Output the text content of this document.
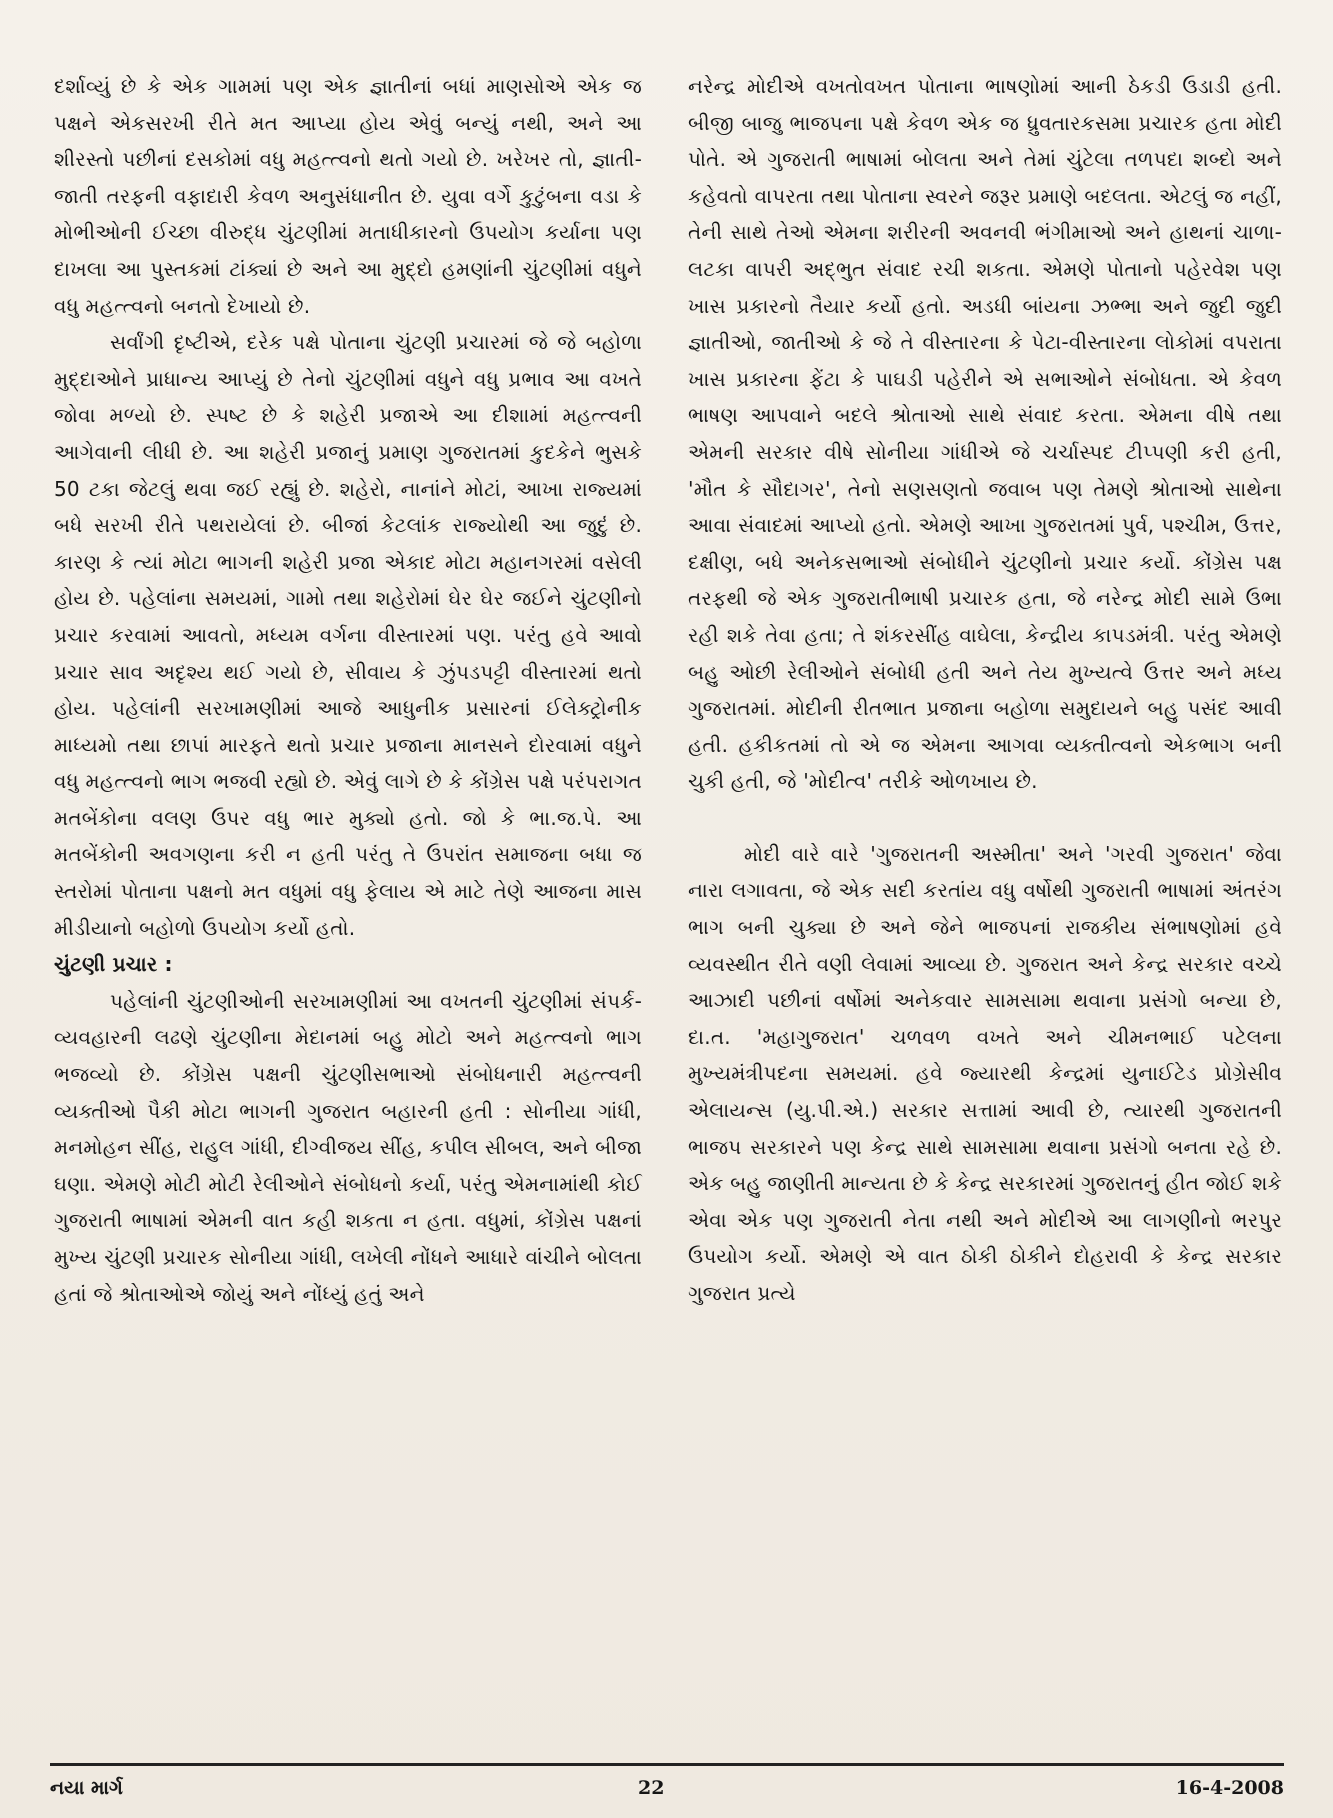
દર્શાવ્યું છે કે એક ગામમાં પણ એક જ્ઞાતીનાં બધાં માણસોએ એક જ પક્ષને એકસરખી રીતે મત આપ્યા હોય એવું બન્યું નથી, અને આ શીરસ્તો પછીનાં દસકોમાં વધુ મહત્ત્વનો થતો ગયો છે. ખરેખર તો, જ્ઞાતી-જાતી તરફની વફાદારી કેવળ અનુસંધાનીત છે. યુવા વર્ગે કુટુંબના વડા કે મોભીઓની ઈચ્છા વીરુદ્ધ ચુંટણીમાં મતાધીકારનો ઉપયોગ કર્યાના પણ દાખલા આ પુસ્તકમાં ટાંક્યાં છે અને આ મુદ્દો હમણાંની ચુંટણીમાં વધુને વધુ મહત્ત્વનો બનતો દેખાયો છે.

સર્વાંગી દૃષ્ટીએ, દરેક પક્ષે પોતાના ચુંટણી પ્રચારમાં જે જે બહોળા મુદ્દાઓને પ્રાધાન્ય આપ્યું છે તેનો ચુંટણીમાં વધુને વધુ પ્રભાવ આ વખતે જોવા મળ્યો છે. સ્પષ્ટ છે કે શહેરી પ્રજાએ આ દીશામાં મહત્ત્વની આગેવાની લીધી છે. આ શહેરી પ્રજાનું પ્રમાણ ગુજરાતમાં કુદકેને ભુસકે 50 ટકા જેટલું થવા જઈ રહ્યું છે. શહેરો, નાનાંને મોટાં, આખા રાજ્યમાં બધે સરખી રીતે પથરાયેલાં છે. બીજાં કેટલાંક રાજ્યોથી આ જુદું છે. કારણ કે ત્યાં મોટા ભાગની શહેરી પ્રજા એકાદ મોટા મહાનગરમાં વસેલી હોય છે. પહેલાંના સમયમાં, ગામો તથા શહેરોમાં ઘેર ઘેર જઈને ચુંટણીનો પ્રચાર કરવામાં આવતો, મધ્યમ વર્ગના વીસ્તારમાં પણ. પરંતુ હવે આવો પ્રચાર સાવ અદૃશ્ય થઈ ગયો છે, સીવાય કે ઝુંપડપટ્ટી વીસ્તારમાં થતો હોય. પહેલાંની સરખામણીમાં આજે આધુનીક પ્રસારનાં ઈલેક્ટ્રોનીક માધ્યમો તથા છાપાં મારફતે થતો પ્રચાર પ્રજાના માનસને દોરવામાં વધુને વધુ મહત્ત્વનો ભાગ ભજવી રહ્યો છે. એવું લાગે છે કે કોંગ્રેસ પક્ષે પરંપરાગત મતબેંકોના વલણ ઉપર વધુ ભાર મુક્યો હતો. જો કે ભા.જ.પે. આ મતબેંકોની અવગણના કરી ન હતી પરંતુ તે ઉપરાંત સમાજના બધા જ સ્તરોમાં પોતાના પક્ષનો મત વધુમાં વધુ ફેલાય એ માટે તેણે આજના માસ મીડીયાનો બહોળો ઉપયોગ કર્યો હતો.

ચુંટણી પ્રચાર :

પહેલાંની ચુંટણીઓની સરખામણીમાં આ વખતની ચુંટણીમાં સંપર્ક-વ્યવહારની લઢણે ચુંટણીના મેદાનમાં બહુ મોટો અને મહત્ત્વનો ભાગ ભજવ્યો છે. કોંગ્રેસ પક્ષની ચુંટણીસભાઓ સંબોધનારી મહત્ત્વની વ્યક્તીઓ પૈકી મોટા ભાગની ગુજરાત બહારની હતી : સોનીયા ગાંધી, મનમોહન સીંહ, રાહુલ ગાંધી, દીગ્વીજય સીંહ, કપીલ સીબલ, અને બીજા ઘણા. એમણે મોટી મોટી રેલીઓને સંબોધનો કર્યા, પરંતુ એમનામાંથી કોઈ ગુજરાતી ભાષામાં એમની વાત કહી શકતા ન હતા. વધુમાં, કોંગ્રેસ પક્ષનાં મુખ્ય ચુંટણી પ્રચારક સોનીયા ગાંધી, લખેલી નોંધને આધારે વાંચીને બોલતા હતાં જે શ્રોતાઓએ જોયું અને નોંધ્યું હતું અને

નરેન્દ્ર મોદીએ વખતોવખત પોતાના ભાષણોમાં આની ઠેકડી ઉડાડી હતી. બીજી બાજુ ભાજપના પક્ષે કેવળ એક જ ધ્રુવતારકસમા પ્રચારક હતા મોદી પોતે. એ ગુજરાતી ભાષામાં બોલતા અને તેમાં ચુંટેલા તળપદા શબ્દો અને કહેવતો વાપરતા તથા પોતાના સ્વરને જરૂર પ્રમાણે બદલતા. એટલું જ નહીં, તેની સાથે તેઓ એમના શરીરની અવનવી ભંગીમાઓ અને હાથનાં ચાળા-લટકા વાપરી અદ્ભુત સંવાદ રચી શકતા. એમણે પોતાનો પહેરવેશ પણ ખાસ પ્રકારનો તૈયાર કર્યો હતો. અડધી બાંયના ઝભ્ભા અને જુદી જુદી જ્ઞાતીઓ, જાતીઓ કે જે તે વીસ્તારના કે પેટા-વીસ્તારના લોકોમાં વપરાતા ખાસ પ્રકારના ફેંટા કે પાઘડી પહેરીને એ સભાઓને સંબોધતા. એ કેવળ ભાષણ આપવાને બદલે શ્રોતાઓ સાથે સંવાદ કરતા. એમના વીષે તથા એમની સરકાર વીષે સોનીયા ગાંધીએ જે ચર્ચાસ્પદ ટીપ્પણી કરી હતી, 'મૌત કે સૌદાગર', તેનો સણસણતો જવાબ પણ તેમણે શ્રોતાઓ સાથેના આવા સંવાદમાં આપ્યો હતો. એમણે આખા ગુજરાતમાં પુર્વ, પશ્ચીમ, ઉત્તર, દક્ષીણ, બધે અનેકસભાઓ સંબોધીને ચુંટણીનો પ્રચાર કર્યો. કોંગ્રેસ પક્ષ તરફથી જે એક ગુજરાતીભાષી પ્રચારક હતા, જે નરેન્દ્ર મોદી સામે ઉભા રહી શકે તેવા હતા; તે શંકરસીંહ વાઘેલા, કેન્દ્રીય કાપડમંત્રી. પરંતુ એમણે બહુ ઓછી રેલીઓને સંબોધી હતી અને તેય મુખ્યત્વે ઉત્તર અને મધ્ય ગુજરાતમાં. મોદીની રીતભાત પ્રજાના બહોળા સમુદાયને બહુ પસંદ આવી હતી. હકીકતમાં તો એ જ એમના આગવા વ્યક્તીત્વનો એકભાગ બની ચુકી હતી, જે 'મોદીત્વ' તરીકે ઓળખાય છે.

મોદી વારે વારે 'ગુજરાતની અસ્મીતા' અને 'ગરવી ગુજરાત' જેવા નારા લગાવતા, જે એક સદી કરતાંય વધુ વર્ષોથી ગુજરાતી ભાષામાં અંતરંગ ભાગ બની ચુક્યા છે અને જેને ભાજપનાં રાજકીય સંભાષણોમાં હવે વ્યવસ્થીત રીતે વણી લેવામાં આવ્યા છે. ગુજરાત અને કેન્દ્ર સરકાર વચ્ચે આઝાદી પછીનાં વર્ષોમાં અનેકવાર સામસામા થવાના પ્રસંગો બન્યા છે, દા.ત. 'મહાગુજરાત' ચળવળ વખતે અને ચીમનભાઈ પટેલના મુખ્યમંત્રીપદના સમયમાં. હવે જ્યારથી કેન્દ્રમાં યુનાઈટેડ પ્રોગ્રેસીવ એલાયન્સ (યુ.પી.એ.) સરકાર સત્તામાં આવી છે, ત્યારથી ગુજરાતની ભાજપ સરકારને પણ કેન્દ્ર સાથે સામસામા થવાના પ્રસંગો બનતા રહે છે. એક બહુ જાણીતી માન્યતા છે કે કેન્દ્ર સરકારમાં ગુજરાતનું હીત જોઈ શકે એવા એક પણ ગુજરાતી નેતા નથી અને મોદીએ આ લાગણીનો ભરપુર ઉપયોગ કર્યો. એમણે એ વાત ઠોકી ઠોકીને દોહરાવી કે કેન્દ્ર સરકાર ગુજરાત પ્રત્યે

નયા માર્ગ	22	16-4-2008
